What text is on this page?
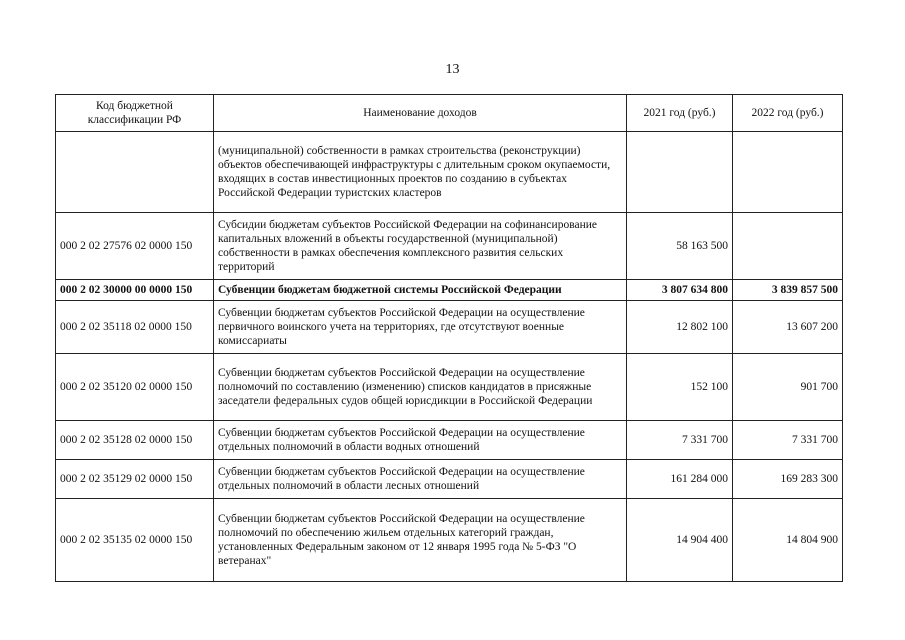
13
Код бюджетной классификации РФ	Наименование доходов	2021 год (руб.)	2022 год (руб.)
	(муниципальной) собственности в рамках строительства (реконструкции) объектов обеспечивающей инфраструктуры с длительным сроком окупаемости, входящих в состав инвестиционных проектов по созданию в субъектах Российской Федерации туристских кластеров		
000 2 02 27576 02 0000 150	Субсидии бюджетам субъектов Российской Федерации на софинансирование капитальных вложений в объекты государственной (муниципальной) собственности в рамках обеспечения комплексного развития сельских территорий	58 163 500	
000 2 02 30000 00 0000 150	Субвенции бюджетам бюджетной системы Российской Федерации	3 807 634 800	3 839 857 500
000 2 02 35118 02 0000 150	Субвенции бюджетам субъектов Российской Федерации на осуществление первичного воинского учета на территориях, где отсутствуют военные комиссариаты	12 802 100	13 607 200
000 2 02 35120 02 0000 150	Субвенции бюджетам субъектов Российской Федерации на осуществление полномочий по составлению (изменению) списков кандидатов в присяжные заседатели федеральных судов общей юрисдикции в Российской Федерации	152 100	901 700
000 2 02 35128 02 0000 150	Субвенции бюджетам субъектов Российской Федерации на осуществление отдельных полномочий в области водных отношений	7 331 700	7 331 700
000 2 02 35129 02 0000 150	Субвенции бюджетам субъектов Российской Федерации на осуществление отдельных полномочий в области лесных отношений	161 284 000	169 283 300
000 2 02 35135 02 0000 150	Субвенции бюджетам субъектов Российской Федерации на осуществление полномочий по обеспечению жильем отдельных категорий граждан, установленных Федеральным законом от 12 января 1995 года № 5-ФЗ "О ветеранах"	14 904 400	14 804 900
